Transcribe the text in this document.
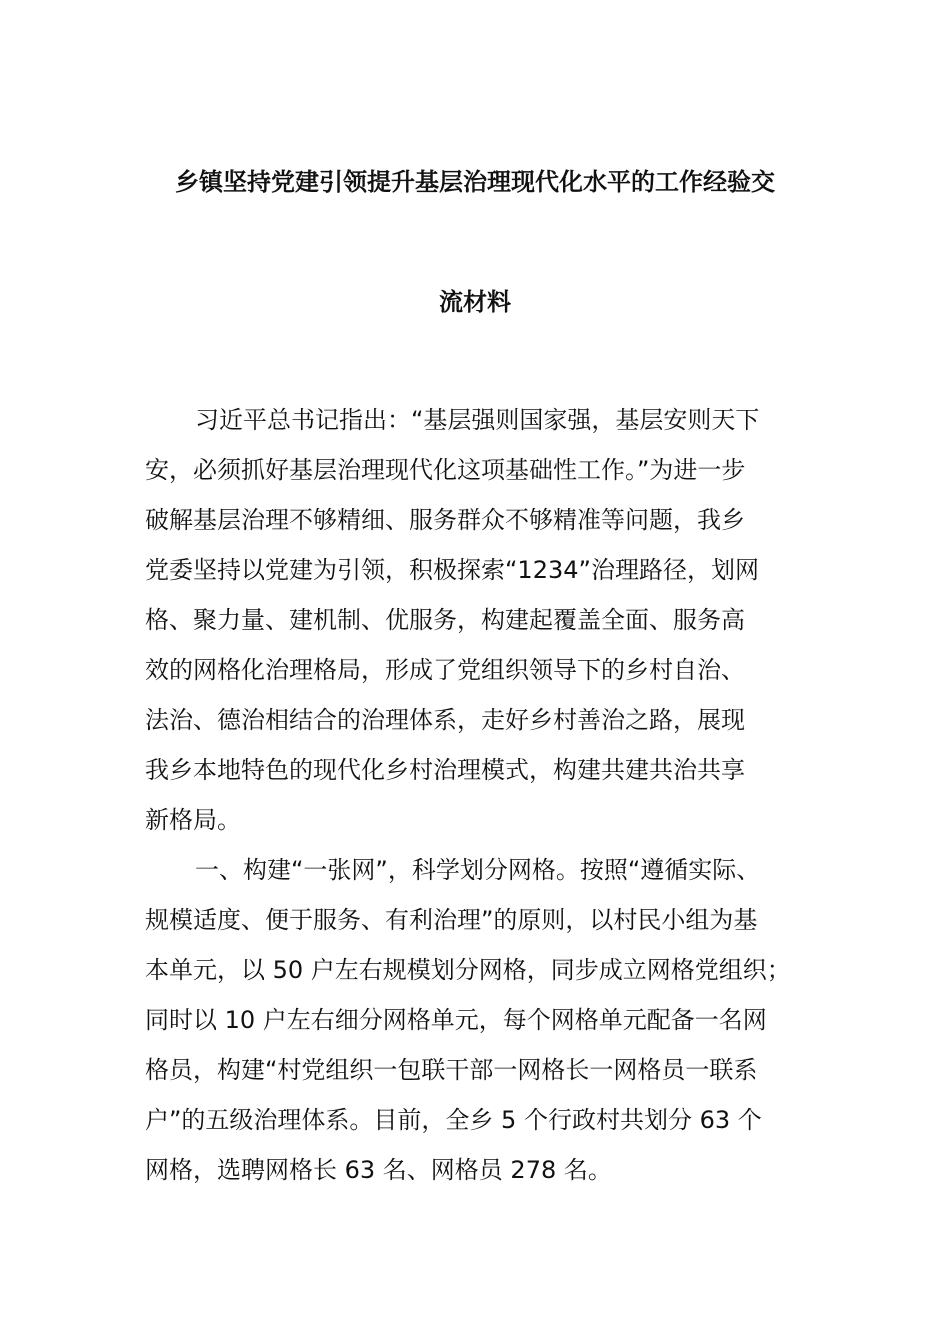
乡镇坚持党建引领提升基层治理现代化水平的工作经验交
流材料
习近平总书记指出：“基层强则国家强，基层安则天下
安，必须抓好基层治理现代化这项基础性工作。”为进一步
破解基层治理不够精细、服务群众不够精准等问题，我乡
党委坚持以党建为引领，积极探索“1234”治理路径，划网
格、聚力量、建机制、优服务，构建起覆盖全面、服务高
效的网格化治理格局，形成了党组织领导下的乡村自治、
法治、德治相结合的治理体系，走好乡村善治之路，展现
我乡本地特色的现代化乡村治理模式，构建共建共治共享
新格局。
一、构建“一张网”，科学划分网格。按照“遵循实际、
规模适度、便于服务、有利治理”的原则，以村民小组为基
本单元，以 50 户左右规模划分网格，同步成立网格党组织；
同时以 10 户左右细分网格单元，每个网格单元配备一名网
格员，构建“村党组织一包联干部一网格长一网格员一联系
户”的五级治理体系。目前，全乡 5 个行政村共划分 63 个
网格，选聘网格长 63 名、网格员 278 名。
